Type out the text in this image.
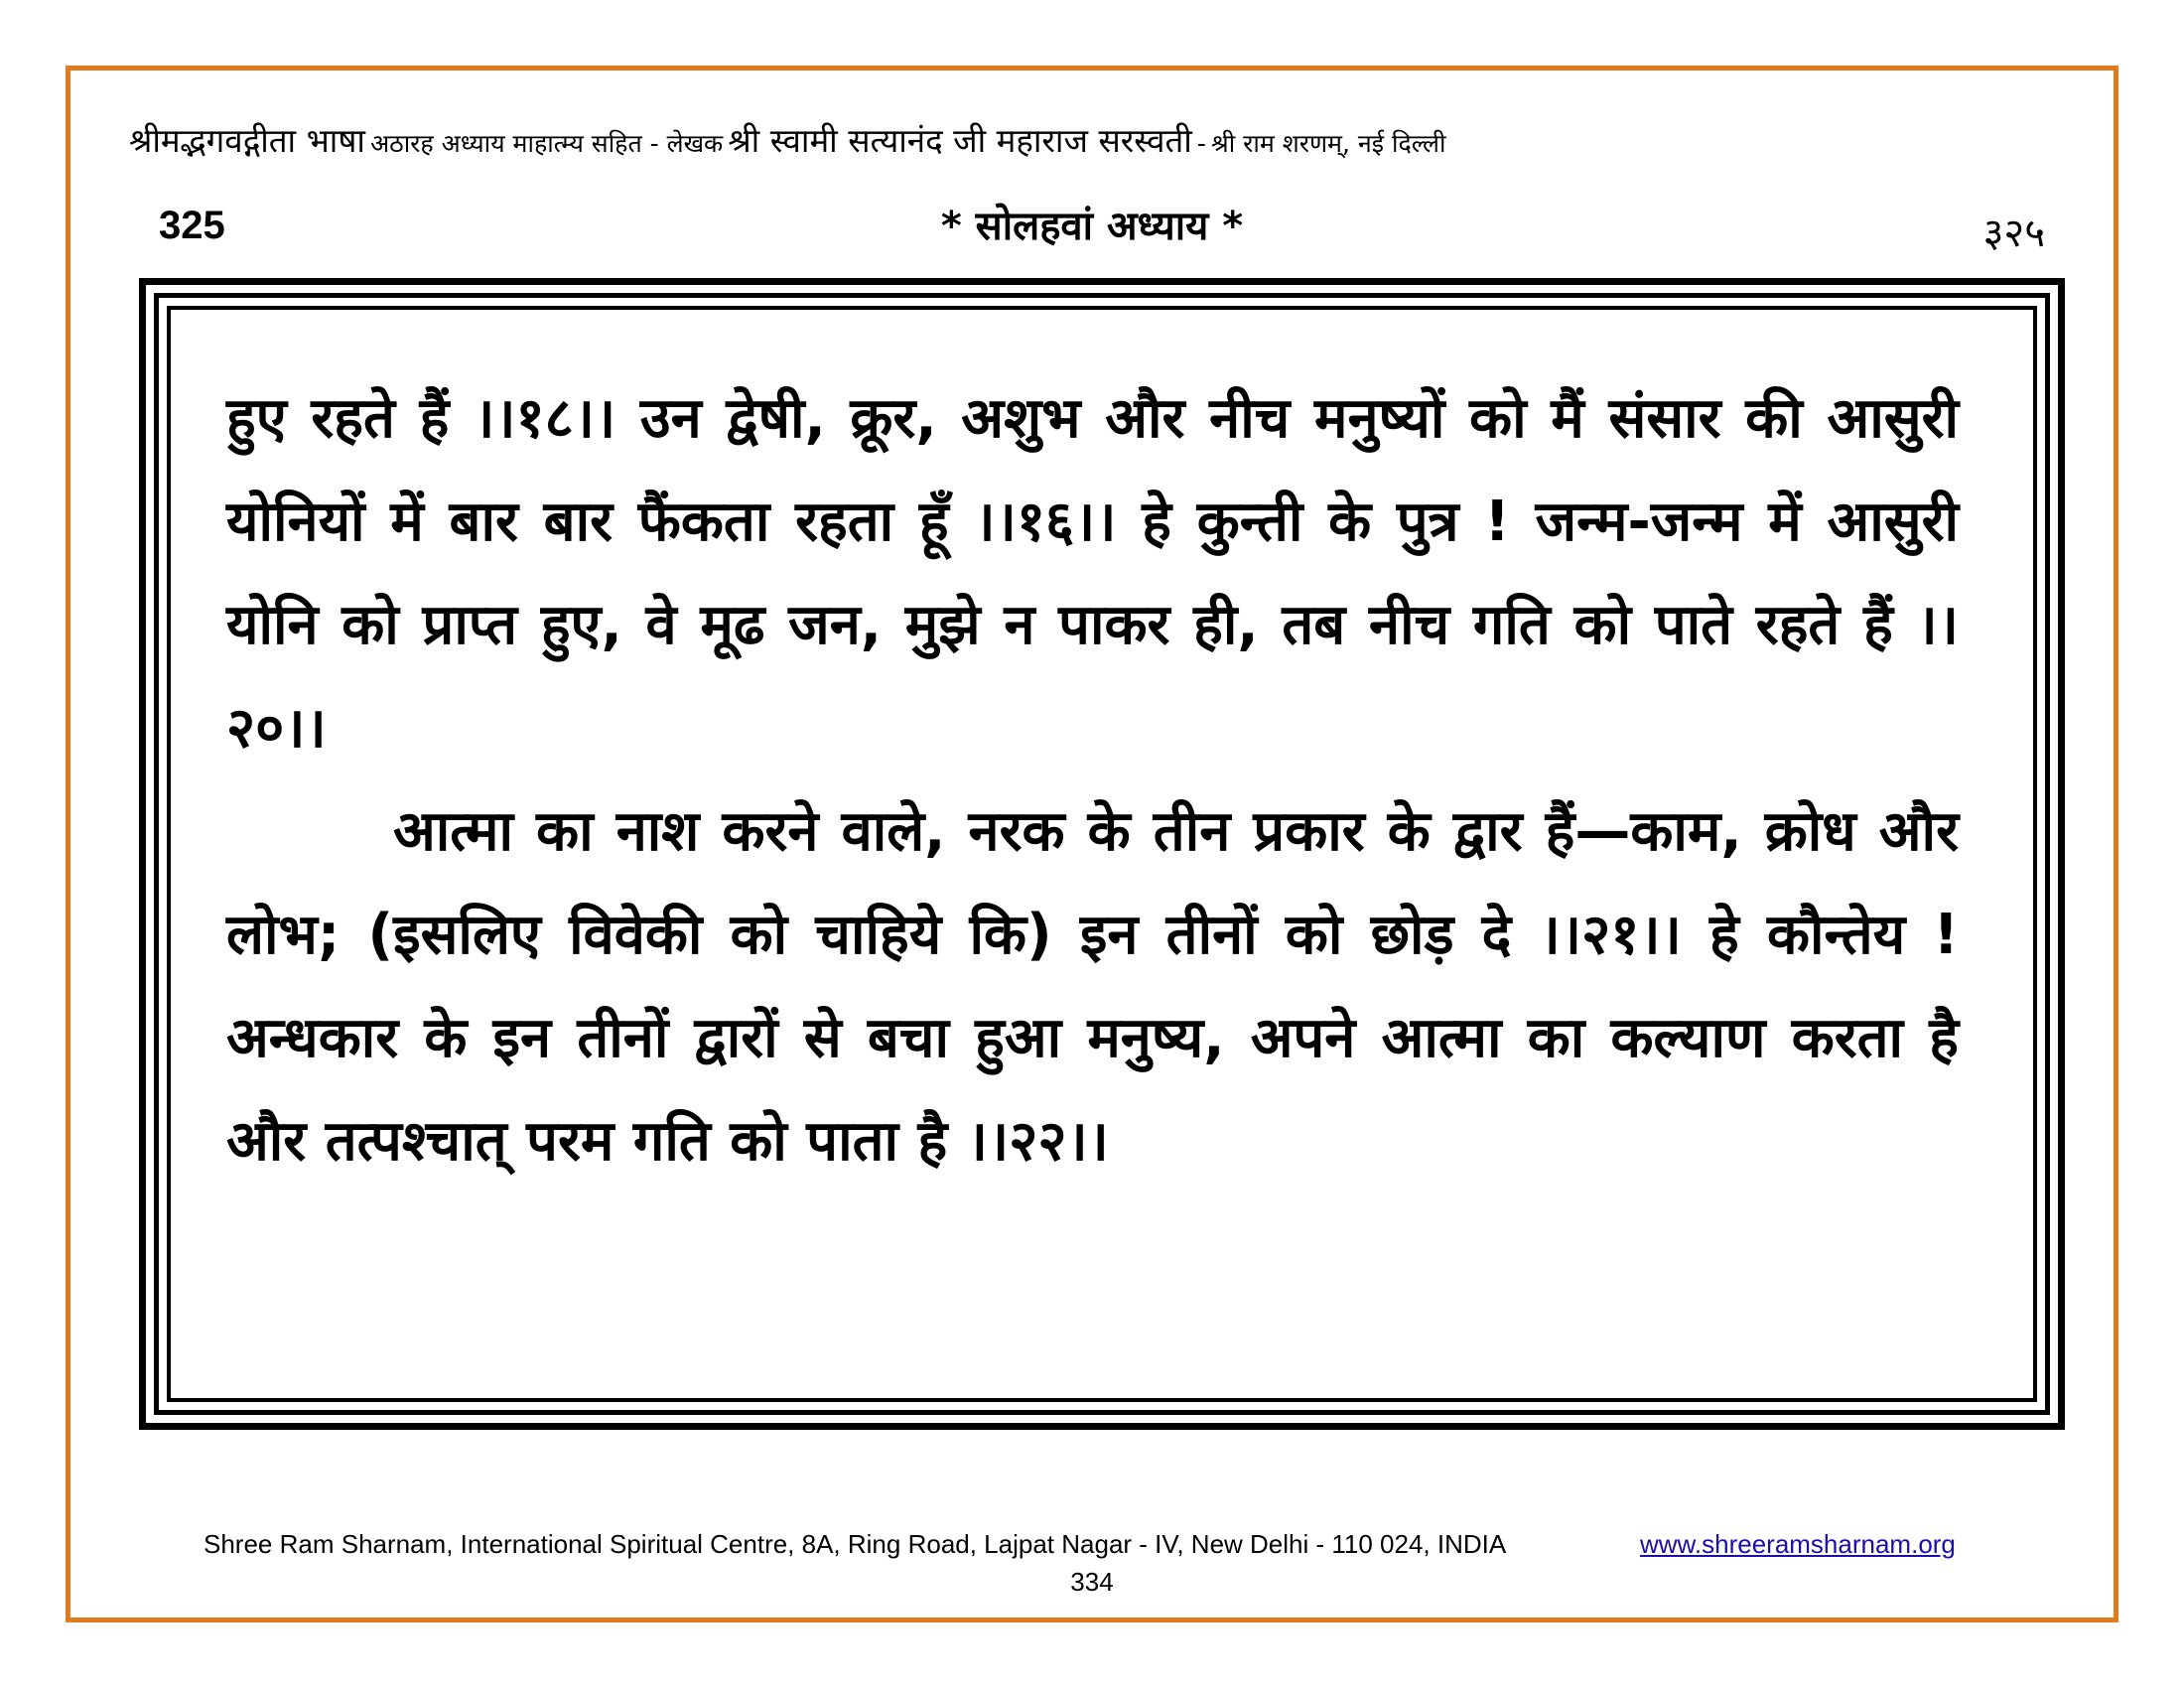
श्रीमद्भगवद्गीता भाषा अठारह अध्याय माहात्म्य सहित - लेखक श्री स्वामी सत्यानंद जी महाराज सरस्वती - श्री राम शरणम्, नई दिल्ली
325	* सोलहवां अध्याय *	३२५

हुए रहते हैं ।।१८।। उन द्वेषी, क्रूर, अशुभ और नीच मनुष्यों को मैं संसार की आसुरी योनियों में बार बार फैंकता रहता हूँ ।।१६।। हे कुन्ती के पुत्र ! जन्म-जन्म में आसुरी योनि को प्राप्त हुए, वे मूढ जन, मुझे न पाकर ही, तब नीच गति को पाते रहते हैं ।।२०।।

आत्मा का नाश करने वाले, नरक के तीन प्रकार के द्वार हैं—काम, क्रोध और लोभ; (इसलिए विवेकी को चाहिये कि) इन तीनों को छोड़ दे ।।२१।। हे कौन्तेय ! अन्धकार के इन तीनों द्वारों से बचा हुआ मनुष्य, अपने आत्मा का कल्याण करता है और तत्पश्चात् परम गति को पाता है ।।२२।।

Shree Ram Sharnam, International Spiritual Centre, 8A, Ring Road, Lajpat Nagar - IV, New Delhi - 110 024, INDIA	www.shreeramsharnam.org
334
